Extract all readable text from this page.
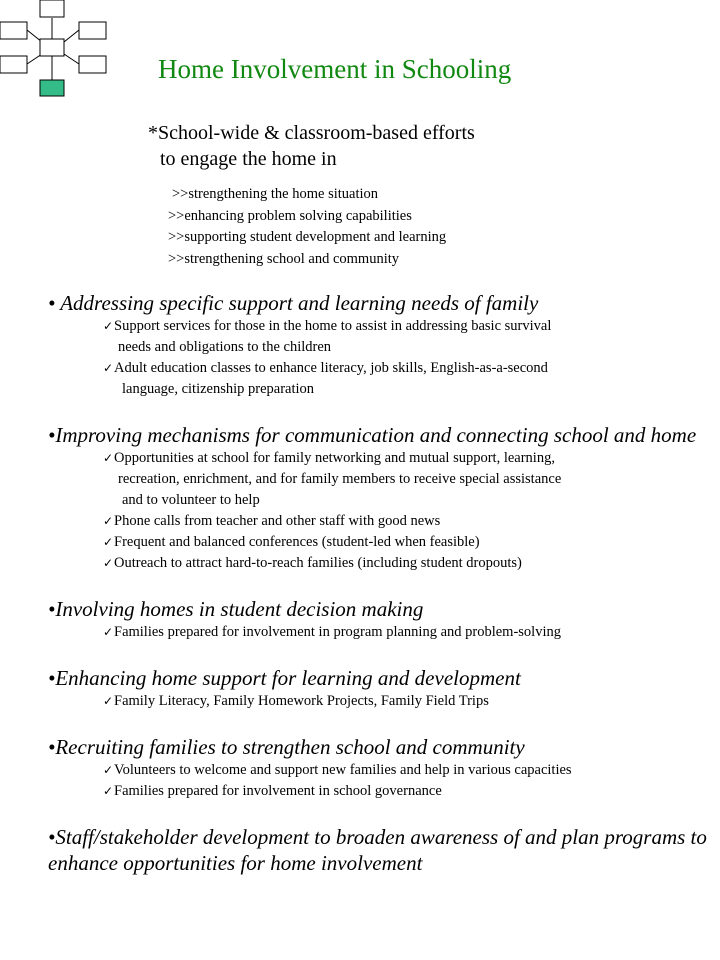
Home Involvement in Schooling
*School-wide & classroom-based efforts
to engage the home in
>>strengthening the home situation
>>enhancing problem solving capabilities
>>supporting student development and learning
>>strengthening school and community
• Addressing specific support and learning needs of family
✓ Support services for those in the home to assist in addressing basic survival
needs and obligations to the children
✓ Adult education classes to enhance literacy, job skills, English-as-a-second
language, citizenship preparation
•Improving mechanisms for communication and connecting school and home
✓ Opportunities at school for family networking and mutual support, learning,
recreation, enrichment, and for family members to receive special assistance
and to volunteer to help
✓ Phone calls from teacher and other staff with good news
✓ Frequent and balanced conferences (student-led when feasible)
✓ Outreach to attract hard-to-reach families (including student dropouts)
•Involving homes in student decision making
✓ Families prepared for involvement in program planning and problem-solving
•Enhancing home support for learning and development
✓ Family Literacy, Family Homework Projects, Family Field Trips
•Recruiting families to strengthen school and community
✓ Volunteers to welcome and support new families and help in various capacities
✓ Families prepared for involvement in school governance
•Staff/stakeholder development to broaden awareness of and plan programs to enhance opportunities for home involvement
